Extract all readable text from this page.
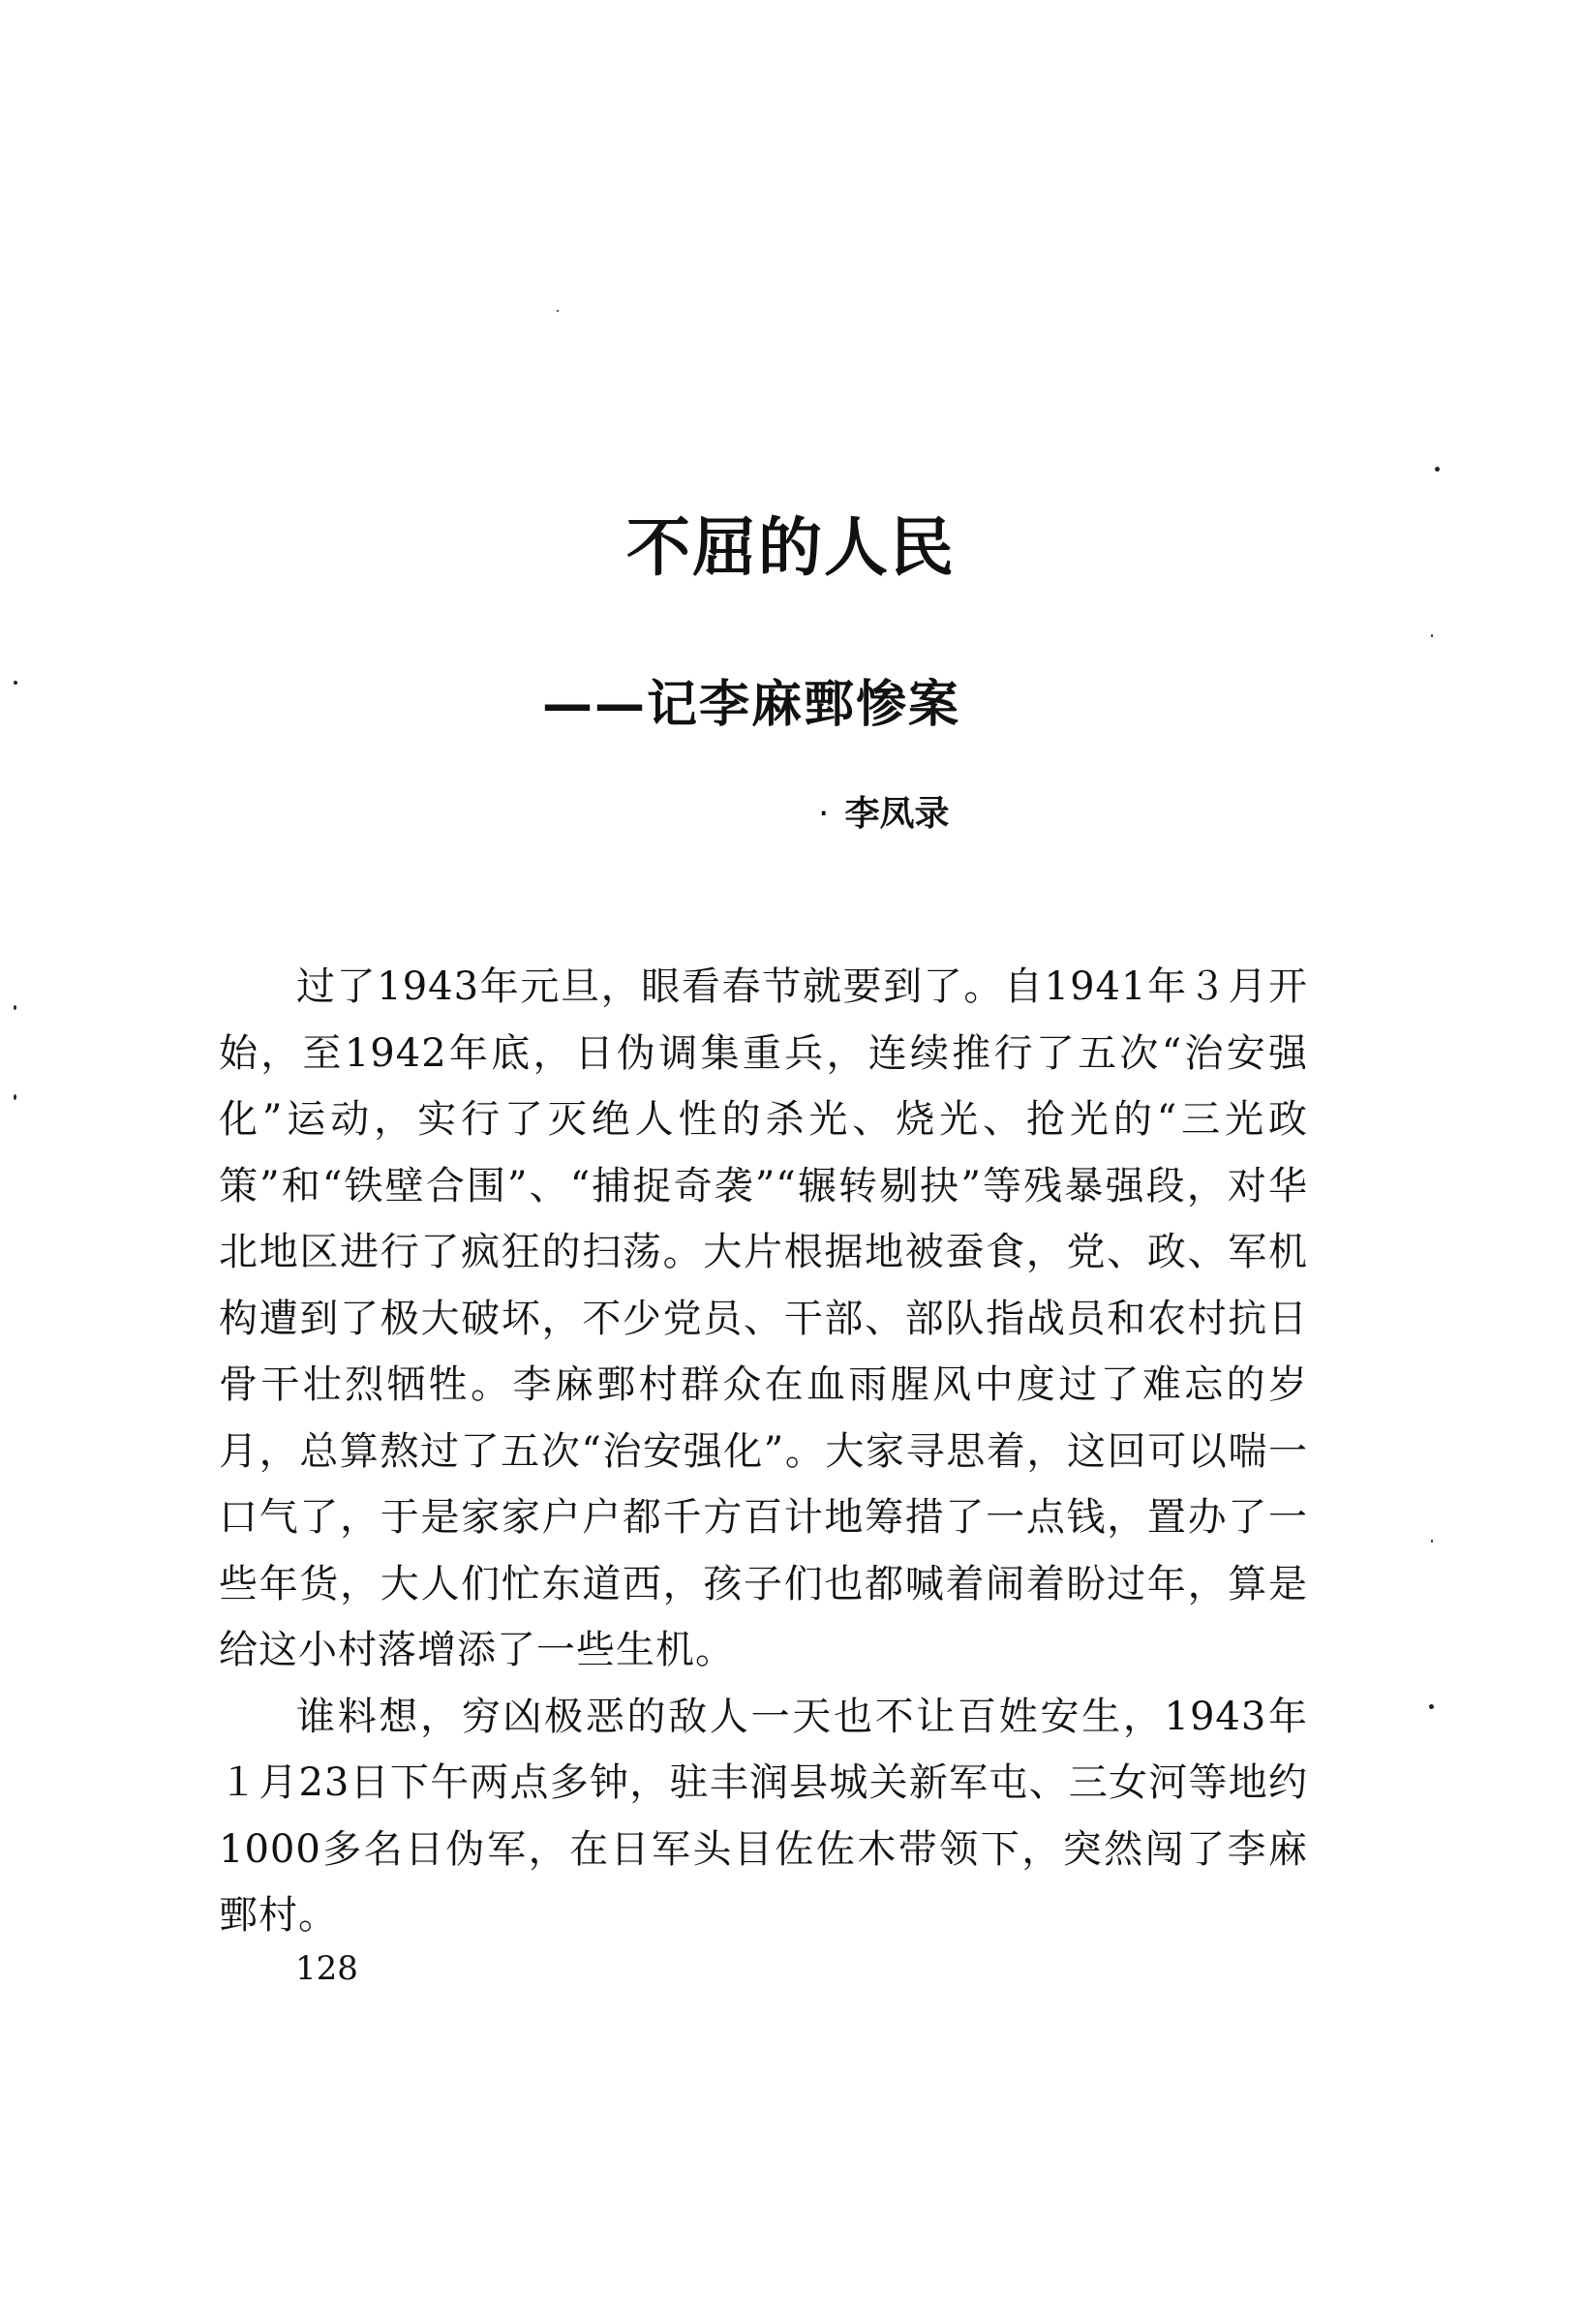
不屈的人民
——记李麻鄄惨案

· 李凤录

过了1943年元旦，眼看春节就要到了。自1941年３月开始，至1942年底，日伪调集重兵，连续推行了五次“治安强化”运动，实行了灭绝人性的杀光、烧光、抢光的“三光政策”和“铁壁合围”、“捕捉奇袭”“辗转剔抉”等残暴强段，对华北地区进行了疯狂的扫荡。大片根据地被蚕食，党、政、军机构遭到了极大破坏，不少党员、干部、部队指战员和农村抗日骨干壮烈牺牲。李麻鄄村群众在血雨腥风中度过了难忘的岁月，总算熬过了五次“治安强化”。大家寻思着，这回可以喘一口气了，于是家家户户都千方百计地筹措了一点钱，置办了一些年货，大人们忙东道西，孩子们也都喊着闹着盼过年，算是给这小村落增添了一些生机。

谁料想，穷凶极恶的敌人一天也不让百姓安生，1943年１月23日下午两点多钟，驻丰润县城关新军屯、三女河等地约1000多名日伪军，在日军头目佐佐木带领下，突然闯了李麻鄄村。

128
